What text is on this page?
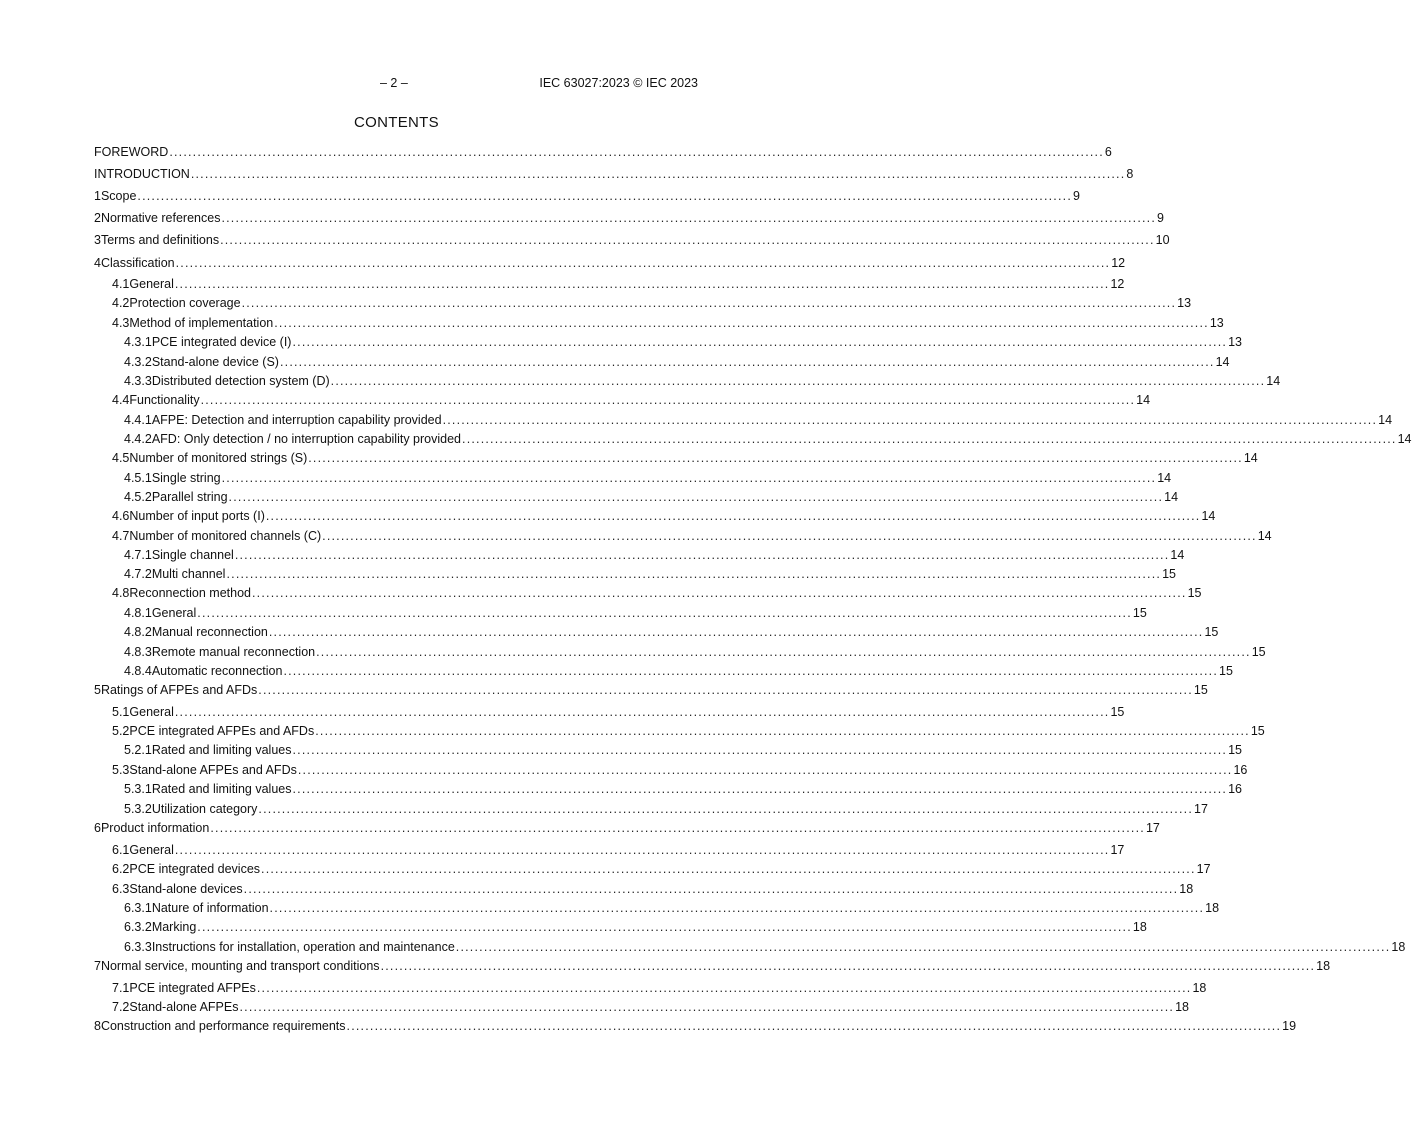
– 2 –	IEC 63027:2023 © IEC 2023
CONTENTS
FOREWORD ........................................................................................................................................................................................................ 6
INTRODUCTION ........................................................................................................................................................................................................ 8
1 Scope ........................................................................................................................................................................................................ 9
2 Normative references ........................................................................................................................................................................................................ 9
3 Terms and definitions ........................................................................................................................................................................................................ 10
4 Classification ........................................................................................................................................................................................................ 12
4.1 General ........................................................................................................................................................................................................ 12
4.2 Protection coverage ........................................................................................................................................................................................................ 13
4.3 Method of implementation ........................................................................................................................................................................................................ 13
4.3.1 PCE integrated device (I) ........................................................................................................................................................................................................ 13
4.3.2 Stand-alone device (S) ........................................................................................................................................................................................................ 14
4.3.3 Distributed detection system (D) ........................................................................................................................................................................................................ 14
4.4 Functionality ........................................................................................................................................................................................................ 14
4.4.1 AFPE: Detection and interruption capability provided ........................................................................................................................................................................................................ 14
4.4.2 AFD: Only detection / no interruption capability provided ........................................................................................................................................................................................................ 14
4.5 Number of monitored strings (S) ........................................................................................................................................................................................................ 14
4.5.1 Single string ........................................................................................................................................................................................................ 14
4.5.2 Parallel string ........................................................................................................................................................................................................ 14
4.6 Number of input ports (I) ........................................................................................................................................................................................................ 14
4.7 Number of monitored channels (C) ........................................................................................................................................................................................................ 14
4.7.1 Single channel ........................................................................................................................................................................................................ 14
4.7.2 Multi channel ........................................................................................................................................................................................................ 15
4.8 Reconnection method ........................................................................................................................................................................................................ 15
4.8.1 General ........................................................................................................................................................................................................ 15
4.8.2 Manual reconnection ........................................................................................................................................................................................................ 15
4.8.3 Remote manual reconnection ........................................................................................................................................................................................................ 15
4.8.4 Automatic reconnection ........................................................................................................................................................................................................ 15
5 Ratings of AFPEs and AFDs ........................................................................................................................................................................................................ 15
5.1 General ........................................................................................................................................................................................................ 15
5.2 PCE integrated AFPEs and AFDs ........................................................................................................................................................................................................ 15
5.2.1 Rated and limiting values ........................................................................................................................................................................................................ 15
5.3 Stand-alone AFPEs and AFDs ........................................................................................................................................................................................................ 16
5.3.1 Rated and limiting values ........................................................................................................................................................................................................ 16
5.3.2 Utilization category ........................................................................................................................................................................................................ 17
6 Product information ........................................................................................................................................................................................................ 17
6.1 General ........................................................................................................................................................................................................ 17
6.2 PCE integrated devices ........................................................................................................................................................................................................ 17
6.3 Stand-alone devices ........................................................................................................................................................................................................ 18
6.3.1 Nature of information ........................................................................................................................................................................................................ 18
6.3.2 Marking ........................................................................................................................................................................................................ 18
6.3.3 Instructions for installation, operation and maintenance ........................................................................................................................................................................................................ 18
7 Normal service, mounting and transport conditions ........................................................................................................................................................................................................ 18
7.1 PCE integrated AFPEs ........................................................................................................................................................................................................ 18
7.2 Stand-alone AFPEs ........................................................................................................................................................................................................ 18
8 Construction and performance requirements ........................................................................................................................................................................................................ 19
